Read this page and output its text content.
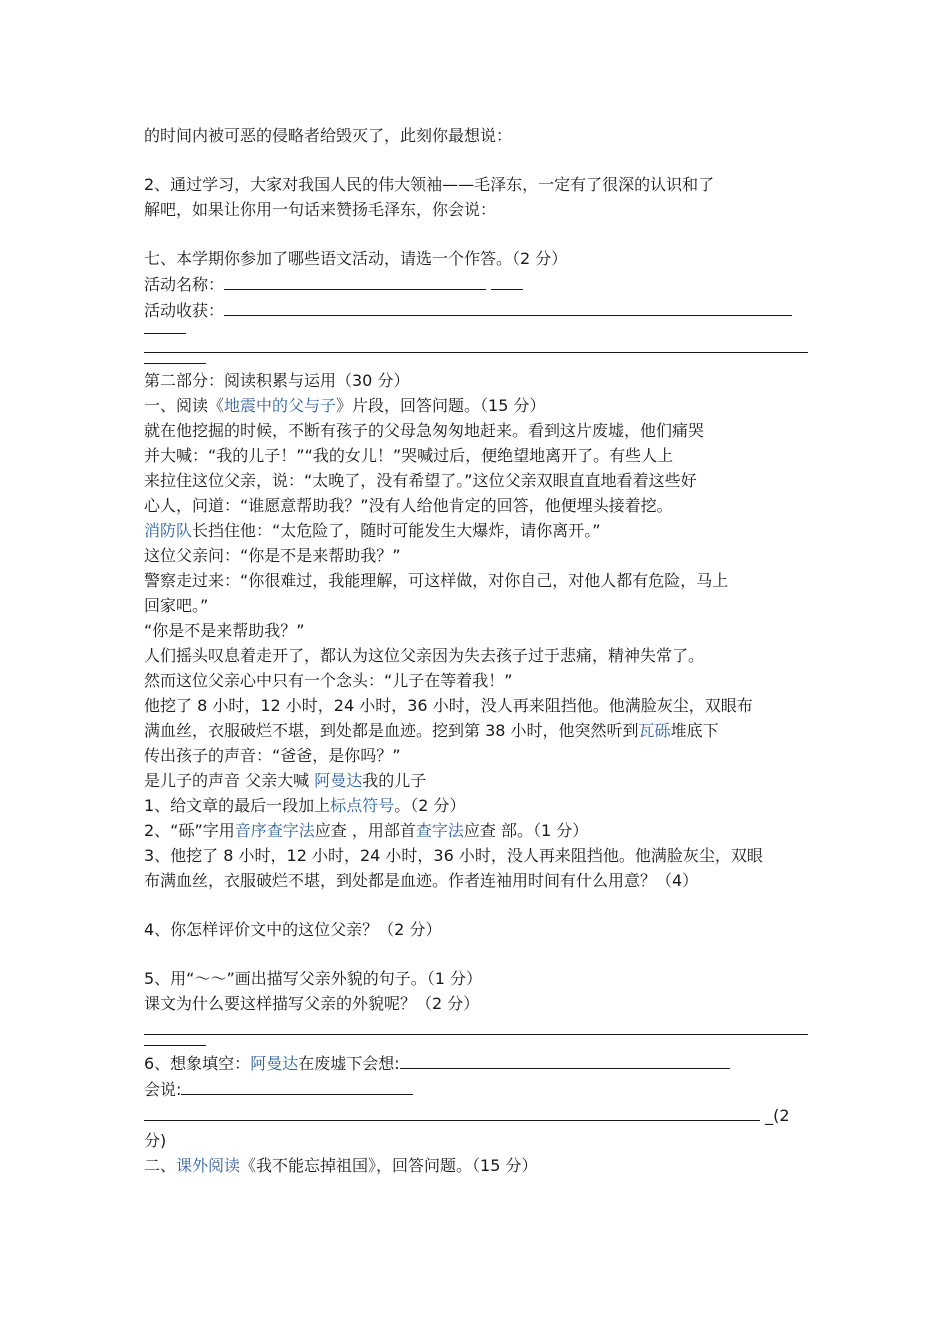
的时间内被可恶的侵略者给毁灭了，此刻你最想说：

2、通过学习，大家对我国人民的伟大领袖——毛泽东，一定有了很深的认识和了

解吧，如果让你用一句话来赞扬毛泽东，你会说：

七、本学期你参加了哪些语文活动，请选一个作答。（2 分）

活动名称：

活动收获：

第二部分：阅读积累与运用（30 分）

一、阅读《地震中的父与子》片段，回答问题。（15 分）

就在他挖掘的时候，不断有孩子的父母急匆匆地赶来。看到这片废墟，他们痛哭

并大喊：“我的儿子！”“我的女儿！”哭喊过后，便绝望地离开了。有些人上

来拉住这位父亲，说：“太晚了，没有希望了。”这位父亲双眼直直地看着这些好

心人，问道：“谁愿意帮助我？”没有人给他肯定的回答，他便埋头接着挖。

消防队长挡住他：“太危险了，随时可能发生大爆炸，请你离开。”

这位父亲问：“你是不是来帮助我？”

警察走过来：“你很难过，我能理解，可这样做，对你自己，对他人都有危险，马上

回家吧。”

“你是不是来帮助我？”

人们摇头叹息着走开了，都认为这位父亲因为失去孩子过于悲痛，精神失常了。

然而这位父亲心中只有一个念头：“儿子在等着我！”

他挖了 8 小时，12 小时，24 小时，36 小时，没人再来阻挡他。他满脸灰尘，双眼布

满血丝，衣服破烂不堪，到处都是血迹。挖到第 38 小时，他突然听到瓦砾堆底下

传出孩子的声音：“爸爸，是你吗？”

是儿子的声音 父亲大喊 阿曼达我的儿子

1、给文章的最后一段加上标点符号。（2 分）

2、“砾”字用音序查字法应查 ，用部首查字法应查 部。（1 分）

3、他挖了 8 小时，12 小时，24 小时，36 小时，没人再来阻挡他。他满脸灰尘，双眼

布满血丝，衣服破烂不堪，到处都是血迹。作者连袖用时间有什么用意？（4）

4、你怎样评价文中的这位父亲？（2 分）

5、用“～～”画出描写父亲外貌的句子。（1 分）

课文为什么要这样描写父亲的外貌呢？（2 分）

6、想象填空：阿曼达在废墟下会想:

会说:

_(2

分)

二、课外阅读《我不能忘掉祖国》，回答问题。（15 分）
